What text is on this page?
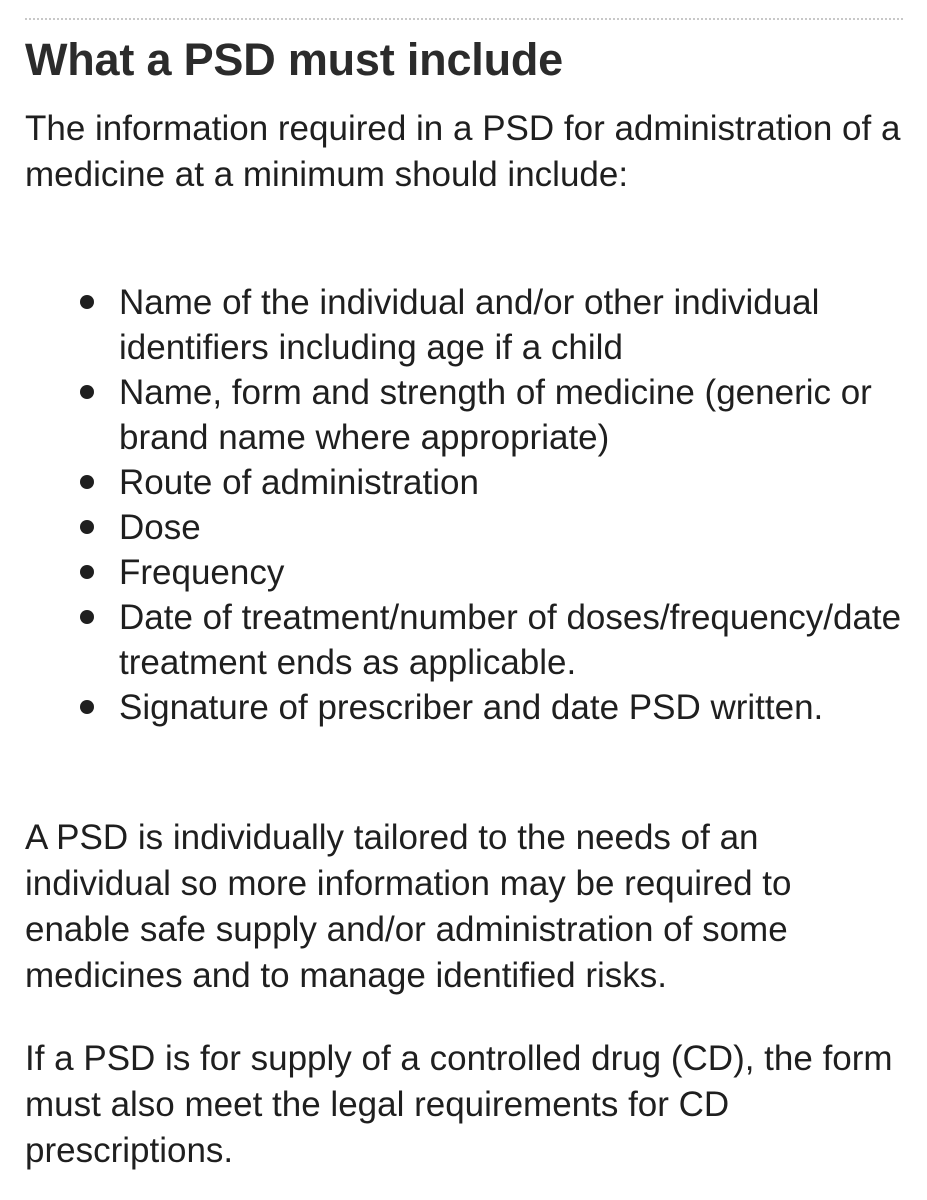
What a PSD must include

The information required in a PSD for administration of a medicine at a minimum should include:

Name of the individual and/or other individual identifiers including age if a child
Name, form and strength of medicine (generic or brand name where appropriate)
Route of administration
Dose
Frequency
Date of treatment/number of doses/frequency/date treatment ends as applicable.
Signature of prescriber and date PSD written.

A PSD is individually tailored to the needs of an individual so more information may be required to enable safe supply and/or administration of some medicines and to manage identified risks.

If a PSD is for supply of a controlled drug (CD), the form must also meet the legal requirements for CD prescriptions.
